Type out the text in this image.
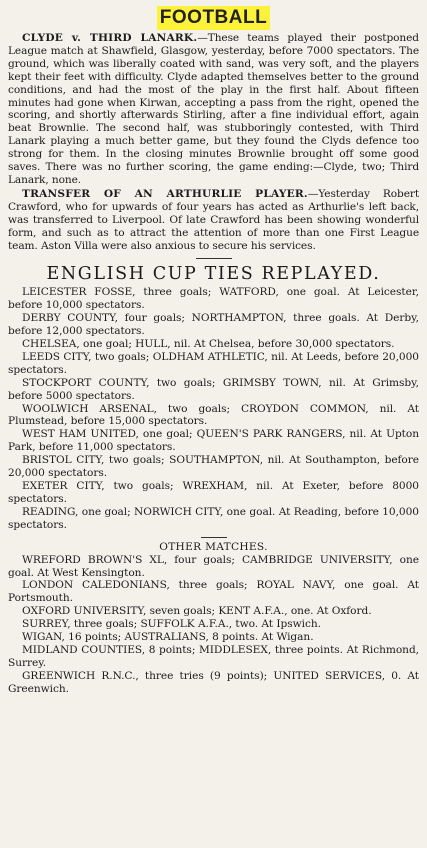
FOOTBALL

CLYDE v. THIRD LANARK.—These teams played their postponed League match at Shawfield, Glasgow, yesterday, before 7000 spectators. The ground, which was liberally coated with sand, was very soft, and the players kept their feet with difficulty. Clyde adapted themselves better to the ground conditions, and had the most of the play in the first half. About fifteen minutes had gone when Kirwan, accepting a pass from the right, opened the scoring, and shortly afterwards Stirling, after a fine individual effort, again beat Brownlie. The second half, was stubboringly contested, with Third Lanark playing a much better game, but they found the Clyds defence too strong for them. In the closing minutes Brownlie brought off some good saves. There was no further scoring, the game ending:—Clyde, two; Third Lanark, none.

TRANSFER OF AN ARTHURLIE PLAYER.—Yesterday Robert Crawford, who for upwards of four years has acted as Arthurlie's left back, was transferred to Liverpool. Of late Crawford has been showing wonderful form, and such as to attract the attention of more than one First League team. Aston Villa were also anxious to secure his services.

ENGLISH CUP TIES REPLAYED.
LEICESTER FOSSE, three goals; WATFORD, one goal. At Leicester, before 10,000 spectators.
DERBY COUNTY, four goals; NORTHAMPTON, three goals. At Derby, before 12,000 spectators.
CHELSEA, one goal; HULL, nil. At Chelsea, before 30,000 spectators.
LEEDS CITY, two goals; OLDHAM ATHLETIC, nil. At Leeds, before 20,000 spectators.
STOCKPORT COUNTY, two goals; GRIMSBY TOWN, nil. At Grimsby, before 5000 spectators.
WOOLWICH ARSENAL, two goals; CROYDON COMMON, nil. At Plumstead, before 15,000 spectators.
WEST HAM UNITED, one goal; QUEEN'S PARK RANGERS, nil. At Upton Park, before 11,000 spectators.
BRISTOL CITY, two goals; SOUTHAMPTON, nil. At Southampton, before 20,000 spectators.
EXETER CITY, two goals; WREXHAM, nil. At Exeter, before 8000 spectators.
READING, one goal; NORWICH CITY, one goal. At Reading, before 10,000 spectators.
OTHER MATCHES.
WREFORD BROWN'S XL, four goals; CAMBRIDGE UNIVERSITY, one goal. At West Kensington.
LONDON CALEDONIANS, three goals; ROYAL NAVY, one goal. At Portsmouth.
OXFORD UNIVERSITY, seven goals; KENT A.F.A., one. At Oxford.
SURREY, three goals; SUFFOLK A.F.A., two. At Ipswich.
WIGAN, 16 points; AUSTRALIANS, 8 points. At Wigan.
MIDLAND COUNTIES, 8 points; MIDDLESEX, three points. At Richmond, Surrey.
GREENWICH R.N.C., three tries (9 points); UNITED SERVICES, 0. At Greenwich.
